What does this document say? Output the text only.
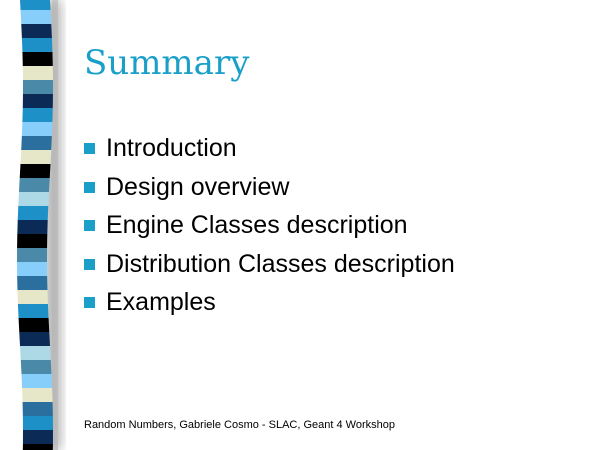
Summary
Introduction
Design overview
Engine Classes description
Distribution Classes description
Examples
Random Numbers, Gabriele Cosmo - SLAC, Geant 4 Workshop
